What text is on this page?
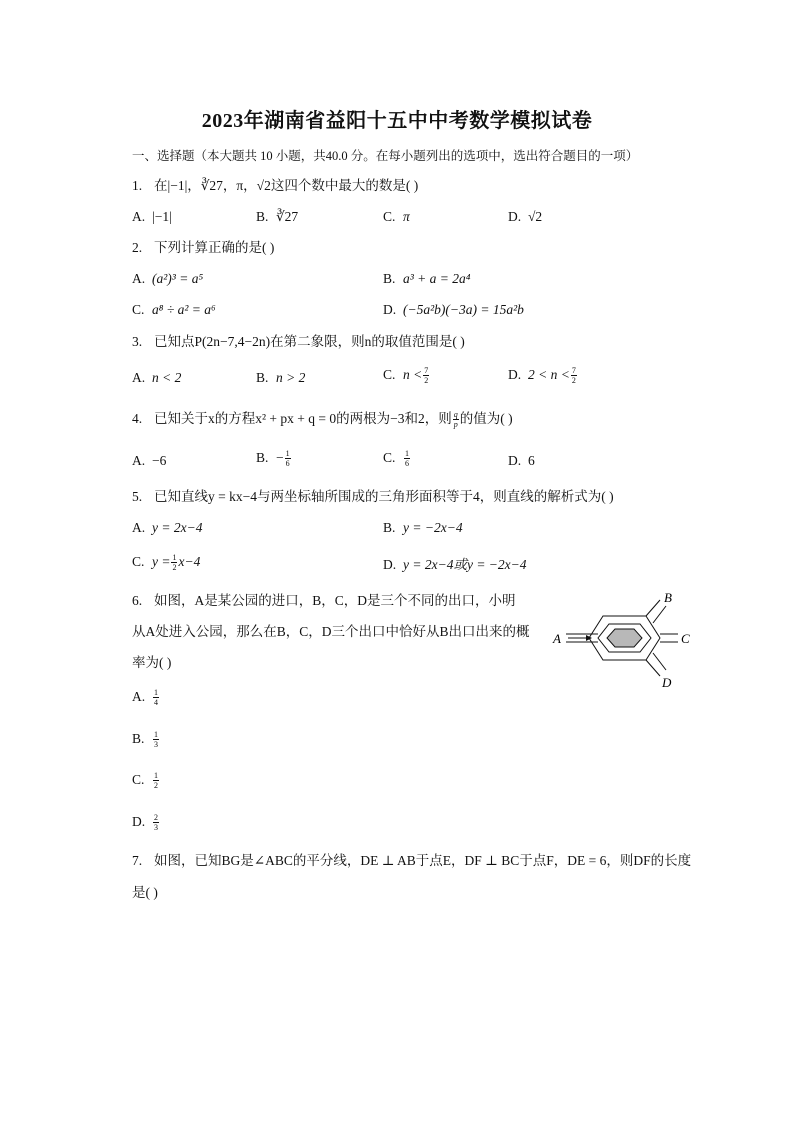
2023年湖南省益阳十五中中考数学模拟试卷
一、选择题（本大题共 10 小题，共40.0 分。在每小题列出的选项中，选出符合题目的一项）
1. 在|−1|，∛27，π，√2这四个数中最大的数是( )
A. |−1|	B. ∛27	C. π	D. √2
2. 下列计算正确的是( )
A. (a²)³ = a⁵	B. a³ + a = 2a⁴
C. a⁸ ÷ a² = a⁶	D. (−5a²b)(−3a) = 15a²b
3. 已知点P(2n−7,4−2n)在第二象限，则n的取值范围是( )
A. n < 2	B. n > 2	C. $n < \frac{7}{2}$	D. $2 < n < \frac{7}{2}$
4. 已知关于x的方程x² + px + q = 0的两根为−3和2，则 $\frac{q}{p}$ 的值为( )
A. −6	B. − $\frac{1}{6}$	C. $\frac{1}{6}$	D. 6
5. 已知直线y = kx−4与两坐标轴所围成的三角形面积等于4，则直线的解析式为( )
A. y = 2x−4	B. y = −2x−4
C. $y = \frac{1}{2} x-4$	D. y = 2x−4或y = −2x−4
6. 如图，A是某公园的进口，B，C，D是三个不同的出口，小明
从A处进入公园，那么在B，C，D三个出口中恰好从B出口出来的概
率为( )
A
B
C
D
A. $\frac{1}{4}$
B. $\frac{1}{3}$
C. $\frac{1}{2}$
D. $\frac{2}{3}$
7. 如图，已知BG是∠ABC的平分线，DE ⊥ AB于点E，DF ⊥ BC于点F，DE = 6，则DF的长度
是( )
